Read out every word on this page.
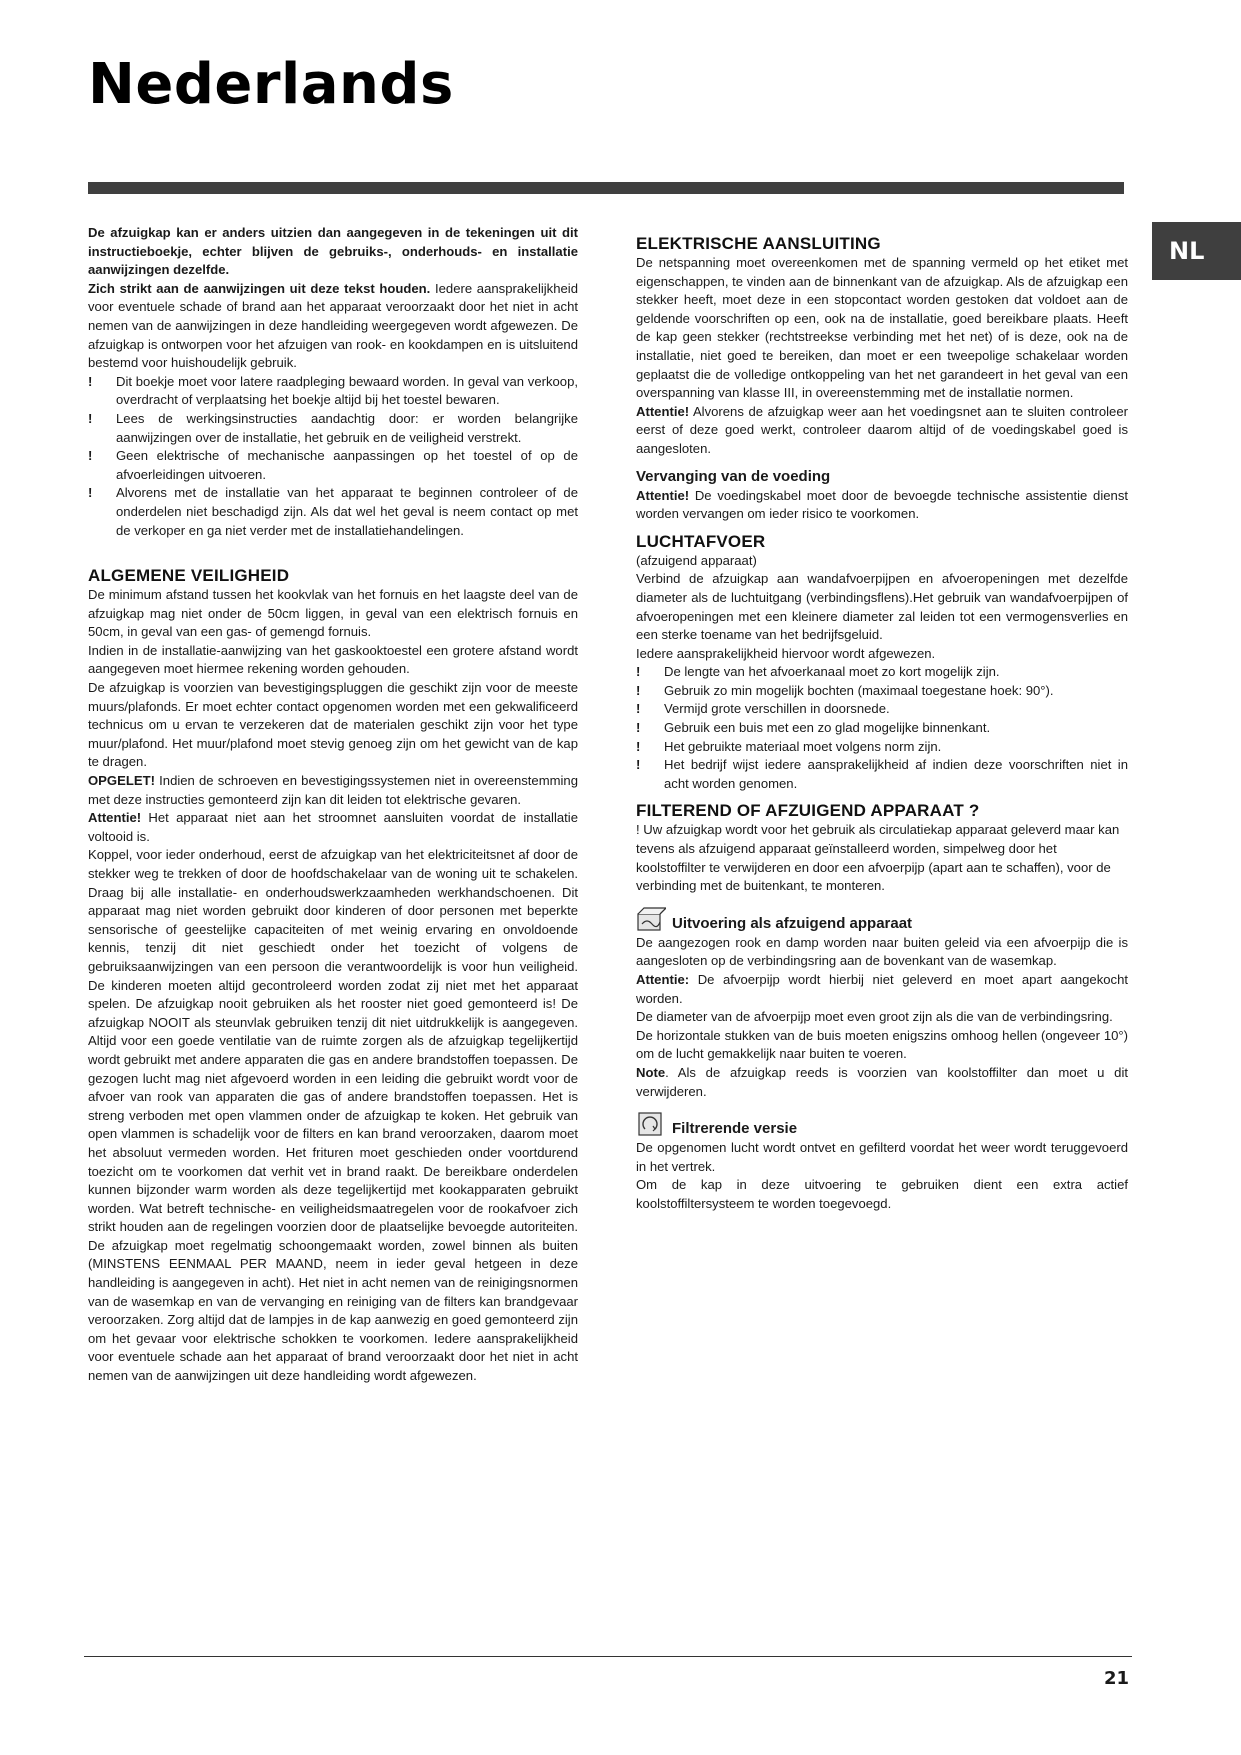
Nederlands
NL

De afzuigkap kan er anders uitzien dan aangegeven in de tekeningen uit dit instructieboekje, echter blijven de gebruiks-, onderhouds- en installatie aanwijzingen dezelfde.

Zich strikt aan de aanwijzingen uit deze tekst houden. Iedere aansprakelijkheid voor eventuele schade of brand aan het apparaat veroorzaakt door het niet in acht nemen van de aanwijzingen in deze handleiding weergegeven wordt afgewezen. De afzuigkap is ontworpen voor het afzuigen van rook- en kookdampen en is uitsluitend bestemd voor huishoudelijk gebruik.

! Dit boekje moet voor latere raadpleging bewaard worden. In geval van verkoop, overdracht of verplaatsing het boekje altijd bij het toestel bewaren.
! Lees de werkingsinstructies aandachtig door: er worden belangrijke aanwijzingen over de installatie, het gebruik en de veiligheid verstrekt.
! Geen elektrische of mechanische aanpassingen op het toestel of op de afvoerleidingen uitvoeren.
! Alvorens met de installatie van het apparaat te beginnen controleer of de onderdelen niet beschadigd zijn. Als dat wel het geval is neem contact op met de verkoper en ga niet verder met de installatiehandelingen.
ALGEMENE VEILIGHEID

De minimum afstand tussen het kookvlak van het fornuis en het laagste deel van de afzuigkap mag niet onder de 50cm liggen, in geval van een elektrisch fornuis en 50cm, in geval van een gas- of gemengd fornuis.

Indien in de installatie-aanwijzing van het gaskooktoestel een grotere afstand wordt aangegeven moet hiermee rekening worden gehouden.

De afzuigkap is voorzien van bevestigingspluggen die geschikt zijn voor de meeste muurs/plafonds. Er moet echter contact opgenomen worden met een gekwalificeerd technicus om u ervan te verzekeren dat de materialen geschikt zijn voor het type muur/plafond. Het muur/plafond moet stevig genoeg zijn om het gewicht van de kap te dragen.

OPGELET! Indien de schroeven en bevestigingssystemen niet in overeenstemming met deze instructies gemonteerd zijn kan dit leiden tot elektrische gevaren.

Attentie! Het apparaat niet aan het stroomnet aansluiten voordat de installatie voltooid is.

Koppel, voor ieder onderhoud, eerst de afzuigkap van het elektriciteitsnet af door de stekker weg te trekken of door de hoofdschakelaar van de woning uit te schakelen. Draag bij alle installatie- en onderhoudswerkzaamheden werkhandschoenen. Dit apparaat mag niet worden gebruikt door kinderen of door personen met beperkte sensorische of geestelijke capaciteiten of met weinig ervaring en onvoldoende kennis, tenzij dit niet geschiedt onder het toezicht of volgens de gebruiksaanwijzingen van een persoon die verantwoordelijk is voor hun veiligheid. De kinderen moeten altijd gecontroleerd worden zodat zij niet met het apparaat spelen. De afzuigkap nooit gebruiken als het rooster niet goed gemonteerd is! De afzuigkap NOOIT als steunvlak gebruiken tenzij dit niet uitdrukkelijk is aangegeven. Altijd voor een goede ventilatie van de ruimte zorgen als de afzuigkap tegelijkertijd wordt gebruikt met andere apparaten die gas en andere brandstoffen toepassen. De gezogen lucht mag niet afgevoerd worden in een leiding die gebruikt wordt voor de afvoer van rook van apparaten die gas of andere brandstoffen toepassen. Het is streng verboden met open vlammen onder de afzuigkap te koken. Het gebruik van open vlammen is schadelijk voor de filters en kan brand veroorzaken, daarom moet het absoluut vermeden worden. Het frituren moet geschieden onder voortdurend toezicht om te voorkomen dat verhit vet in brand raakt. De bereikbare onderdelen kunnen bijzonder warm worden als deze tegelijkertijd met kookapparaten gebruikt worden. Wat betreft technische- en veiligheidsmaatregelen voor de rookafvoer zich strikt houden aan de regelingen voorzien door de plaatselijke bevoegde autoriteiten. De afzuigkap moet regelmatig schoongemaakt worden, zowel binnen als buiten (MINSTENS EENMAAL PER MAAND, neem in ieder geval hetgeen in deze handleiding is aangegeven in acht). Het niet in acht nemen van de reinigingsnormen van de wasemkap en van de vervanging en reiniging van de filters kan brandgevaar veroorzaken. Zorg altijd dat de lampjes in de kap aanwezig en goed gemonteerd zijn om het gevaar voor elektrische schokken te voorkomen. Iedere aansprakelijkheid voor eventuele schade aan het apparaat of brand veroorzaakt door het niet in acht nemen van de aanwijzingen uit deze handleiding wordt afgewezen.

ELEKTRISCHE AANSLUITING

De netspanning moet overeenkomen met de spanning vermeld op het etiket met eigenschappen, te vinden aan de binnenkant van de afzuigkap. Als de afzuigkap een stekker heeft, moet deze in een stopcontact worden gestoken dat voldoet aan de geldende voorschriften op een, ook na de installatie, goed bereikbare plaats. Heeft de kap geen stekker (rechtstreekse verbinding met het net) of is deze, ook na de installatie, niet goed te bereiken, dan moet er een tweepolige schakelaar worden geplaatst die de volledige ontkoppeling van het net garandeert in het geval van een overspanning van klasse III, in overeenstemming met de installatie normen.

Attentie! Alvorens de afzuigkap weer aan het voedingsnet aan te sluiten controleer eerst of deze goed werkt, controleer daarom altijd of de voedingskabel goed is aangesloten.

Vervanging van de voeding

Attentie! De voedingskabel moet door de bevoegde technische assistentie dienst worden vervangen om ieder risico te voorkomen.

LUCHTAFVOER

(afzuigend apparaat)

Verbind de afzuigkap aan wandafvoerpijpen en afvoeropeningen met dezelfde diameter als de luchtuitgang (verbindingsflens).Het gebruik van wandafvoerpijpen of afvoeropeningen met een kleinere diameter zal leiden tot een vermogensverlies en een sterke toename van het bedrijfsgeluid.

Iedere aansprakelijkheid hiervoor wordt afgewezen.

! De lengte van het afvoerkanaal moet zo kort mogelijk zijn.
! Gebruik zo min mogelijk bochten (maximaal toegestane hoek: 90°).
! Vermijd grote verschillen in doorsnede.
! Gebruik een buis met een zo glad mogelijke binnenkant.
! Het gebruikte materiaal moet volgens norm zijn.
! Het bedrijf wijst iedere aansprakelijkheid af indien deze voorschriften niet in acht worden genomen.
FILTEREND OF AFZUIGEND APPARAAT ?

! Uw afzuigkap wordt voor het gebruik als circulatiekap apparaat geleverd maar kan tevens als afzuigend apparaat geïnstalleerd worden, simpelweg door het koolstoffilter te verwijderen en door een afvoerpijp (apart aan te schaffen), voor de verbinding met de buitenkant, te monteren.

Uitvoering als afzuigend apparaat

De aangezogen rook en damp worden naar buiten geleid via een afvoerpijp die is aangesloten op de verbindingsring aan de bovenkant van de wasemkap.

Attentie: De afvoerpijp wordt hierbij niet geleverd en moet apart aangekocht worden.

De diameter van de afvoerpijp moet even groot zijn als die van de verbindingsring.

De horizontale stukken van de buis moeten enigszins omhoog hellen (ongeveer 10°) om de lucht gemakkelijk naar buiten te voeren.

Note. Als de afzuigkap reeds is voorzien van koolstoffilter dan moet u dit verwijderen.

Filtrerende versie

De opgenomen lucht wordt ontvet en gefilterd voordat het weer wordt teruggevoerd in het vertrek.

Om de kap in deze uitvoering te gebruiken dient een extra actief koolstoffiltersysteem te worden toegevoegd.

21
